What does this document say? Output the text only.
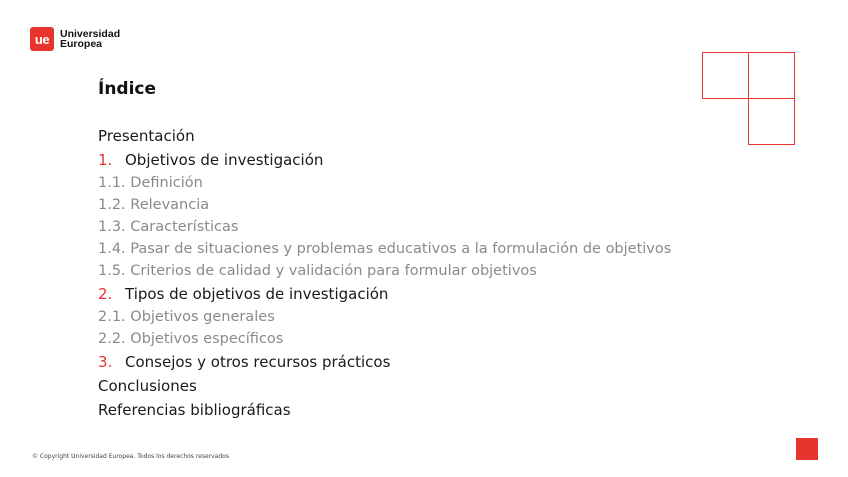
ue	Universidad
Europea
Índice
Presentación
1. Objetivos de investigación
1.1. Definición
1.2. Relevancia
1.3. Características
1.4. Pasar de situaciones y problemas educativos a la formulación de objetivos
1.5. Criterios de calidad y validación para formular objetivos
2. Tipos de objetivos de investigación
2.1. Objetivos generales
2.2. Objetivos específicos
3. Consejos y otros recursos prácticos
Conclusiones
Referencias bibliográficas
© Copyright Universidad Europea. Todos los derechos reservados
